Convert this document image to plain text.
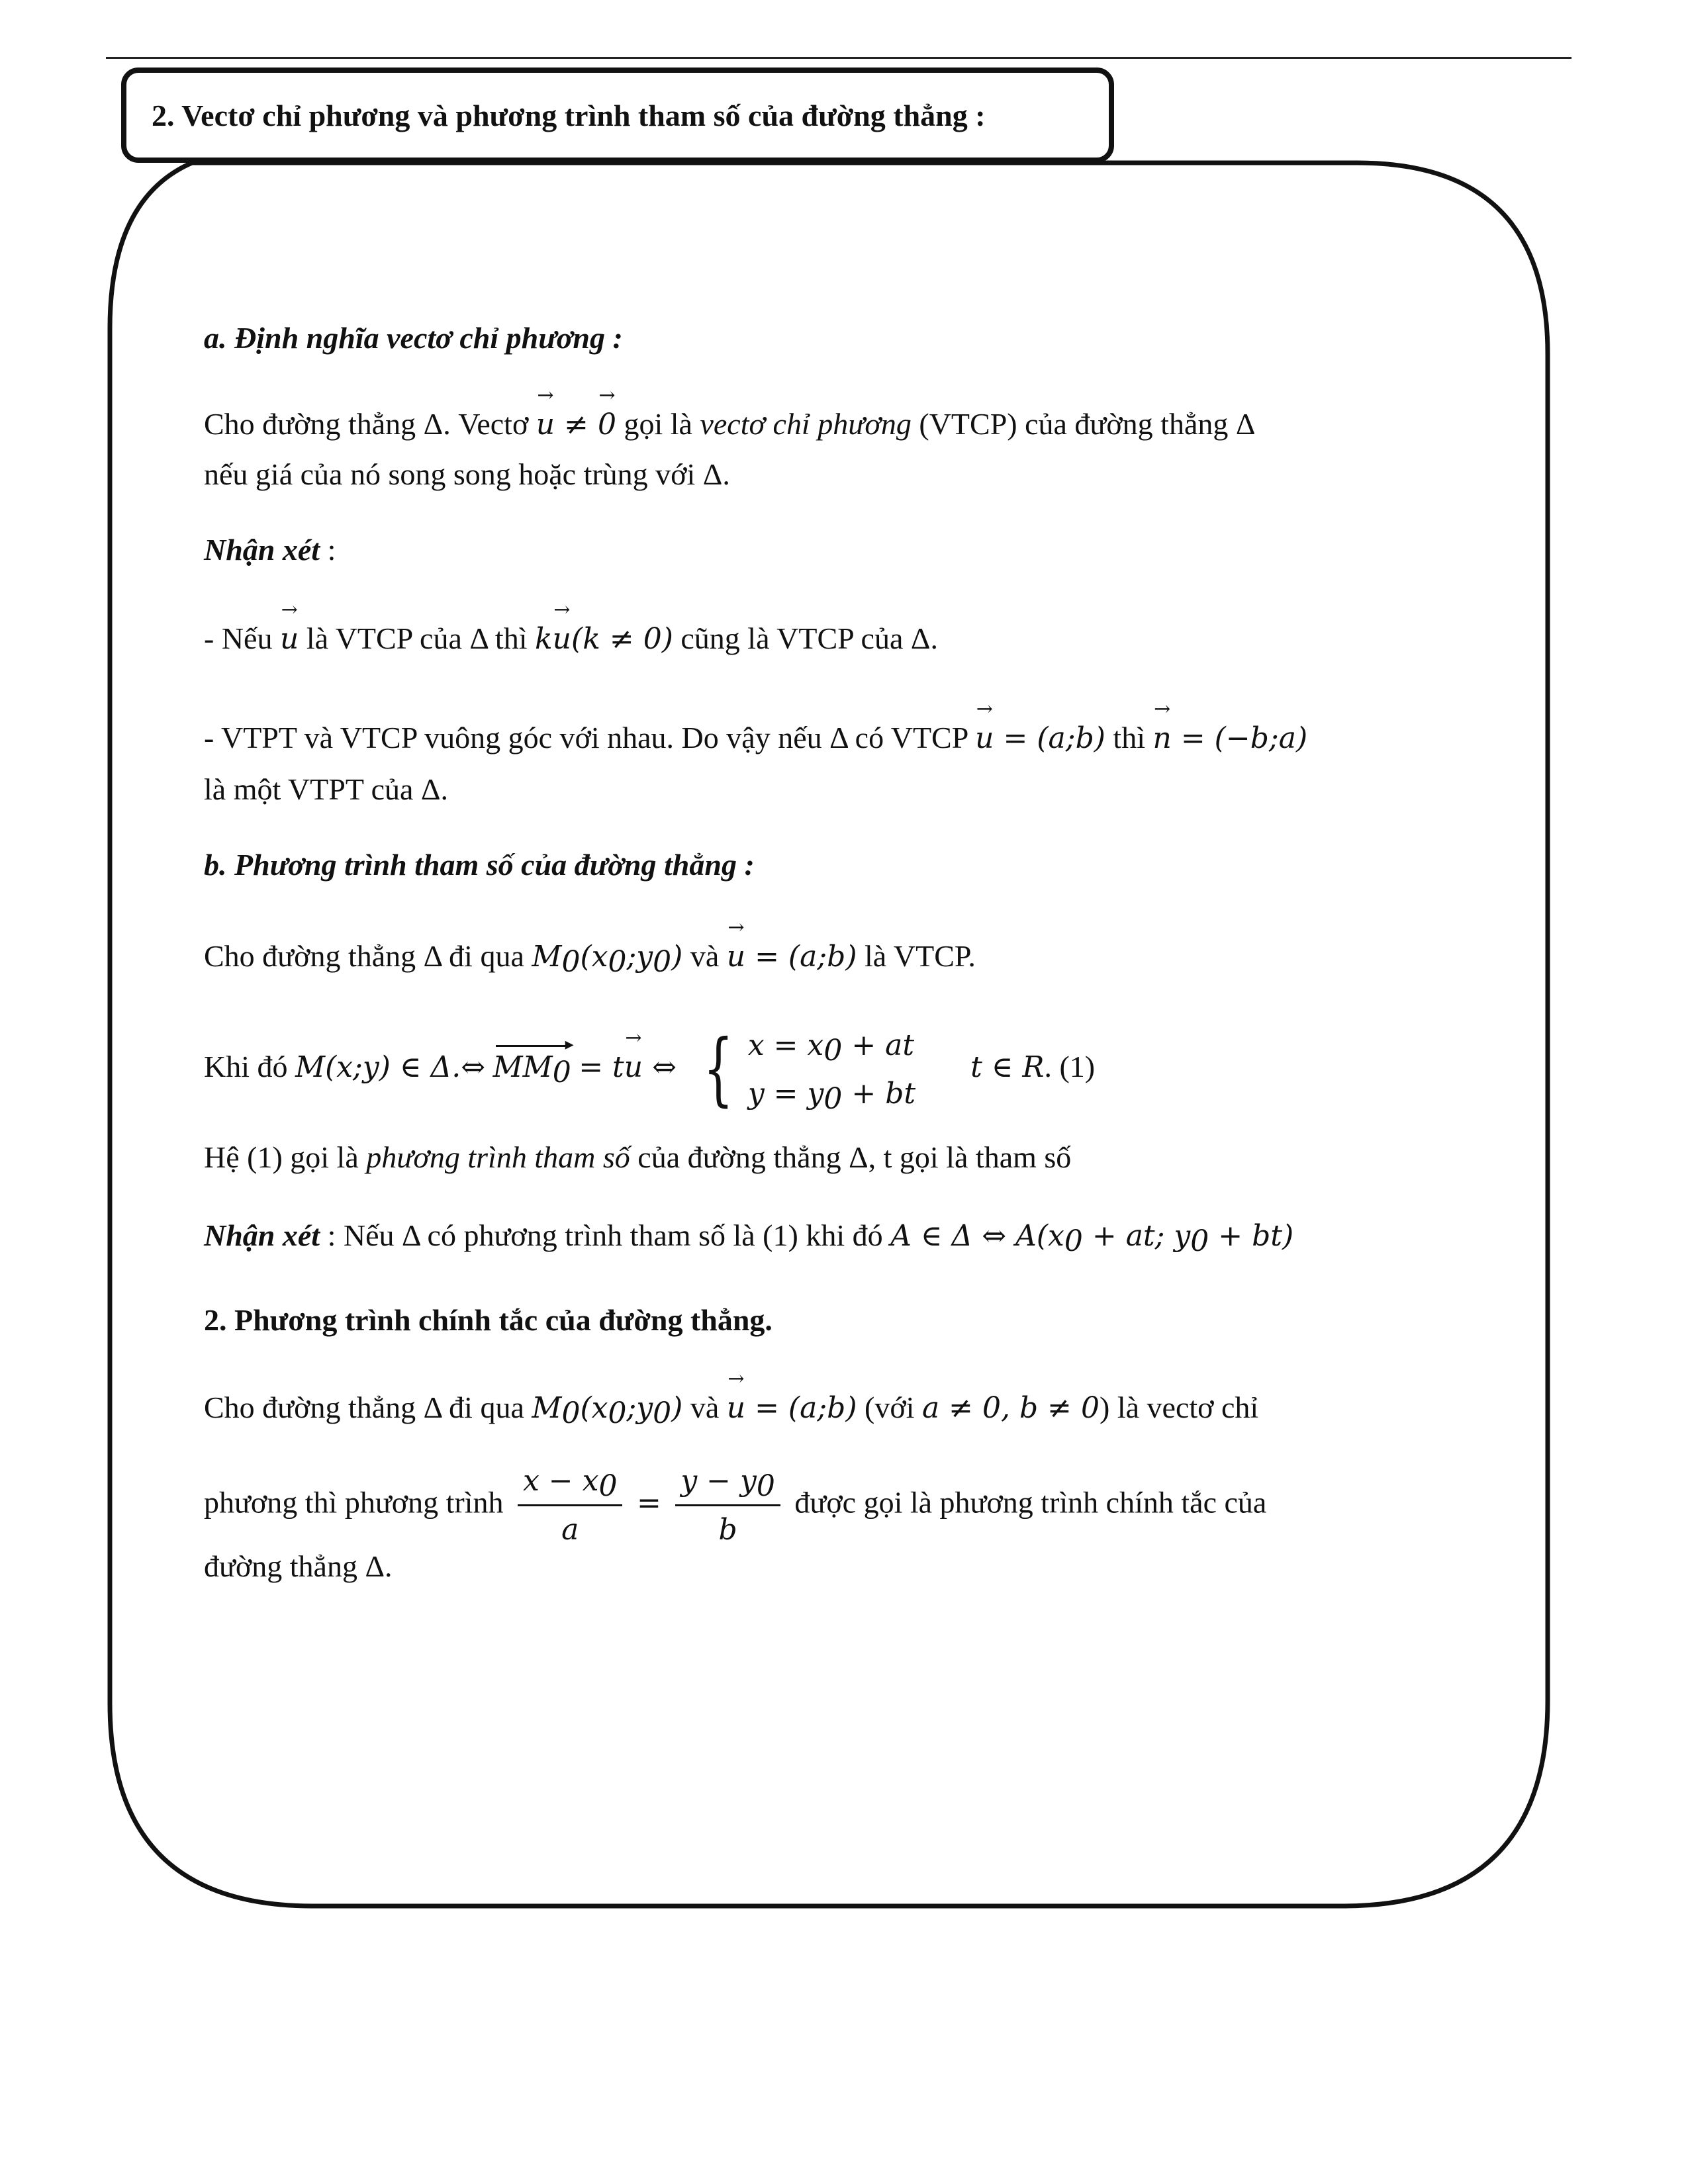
2. Vectơ chỉ phương và phương trình tham số của đường thẳng :
a. Định nghĩa vectơ chỉ phương :
Cho đường thẳng Δ. Vectơ → u ≠ → 0 gọi là vectơ chỉ phương (VTCP) của đường thẳng Δ
nếu giá của nó song song hoặc trùng với Δ.
Nhận xét :
- Nếu → u là VTCP của Δ thì k→ u(k ≠ 0) cũng là VTCP của Δ.
- VTPT và VTCP vuông góc với nhau. Do vậy nếu Δ có VTCP → u = (a;b) thì → n = (−b;a)
là một VTPT của Δ.
b. Phương trình tham số của đường thẳng :
Cho đường thẳng Δ đi qua $M_0(x_0;y_0)$ và → u = (a;b) là VTCP.
Khi đó M(x;y) ∈ Δ.⇔ $MM_0$ ▸ = t→ u ⇔ { $x = x_0$ + at
$y = y_0$ + bt
t ∈ R. (1)
Hệ (1) gọi là phương trình tham số của đường thẳng Δ, t gọi là tham số
Nhận xét : Nếu Δ có phương trình tham số là (1) khi đó A ∈ Δ ⇔ $A(x_0$ + at; $y_0 + bt$)
2. Phương trình chính tắc của đường thẳng.
Cho đường thẳng Δ đi qua $M_0(x_0;y_0)$ và → u = (a;b) (với a ≠ 0, b ≠ 0) là vectơ chỉ
phương thì phương trình $\frac{x - x_0}{a} = \frac{y - y_0}{b}$ được gọi là phương trình chính tắc của
đường thẳng Δ.
